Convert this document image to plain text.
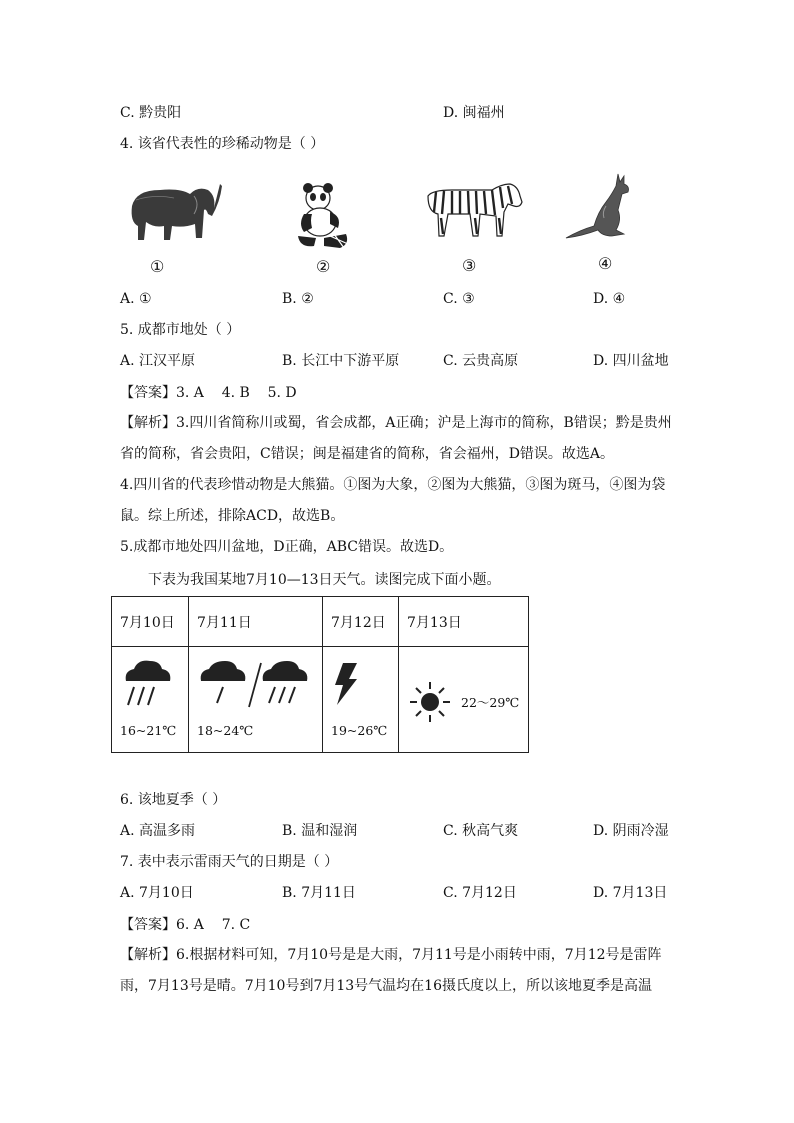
C. 黔贵阳	D. 闽福州
4. 该省代表性的珍稀动物是（ ）
①	②	③	④
A. ①	B. ②	C. ③	D. ④
5. 成都市地处（ ）
A. 江汉平原	B. 长江中下游平原	C. 云贵高原	D. 四川盆地
【答案】3. A    4. B    5. D
【解析】3.四川省简称川或蜀，省会成都，A正确；沪是上海市的简称，B错误；黔是贵州省的简称，省会贵阳，C错误；闽是福建省的简称，省会福州，D错误。故选A。
4.四川省的代表珍惜动物是大熊猫。①图为大象，②图为大熊猫，③图为斑马，④图为袋鼠。综上所述，排除ACD，故选B。
5.成都市地处四川盆地，D正确，ABC错误。故选D。
下表为我国某地7月10—13日天气。读图完成下面小题。
7月10日	7月11日	7月12日	7月13日

16~21℃	18~24℃	19~26℃	22～29℃
6. 该地夏季（ ）
A. 高温多雨	B. 温和湿润	C. 秋高气爽	D. 阴雨冷湿
7. 表中表示雷雨天气的日期是（ ）
A. 7月10日	B. 7月11日	C. 7月12日	D. 7月13日
【答案】6. A    7. C
【解析】6.根据材料可知，7月10号是是大雨，7月11号是小雨转中雨，7月12号是雷阵雨，7月13号是晴。7月10号到7月13号气温均在16摄氏度以上，所以该地夏季是高温
